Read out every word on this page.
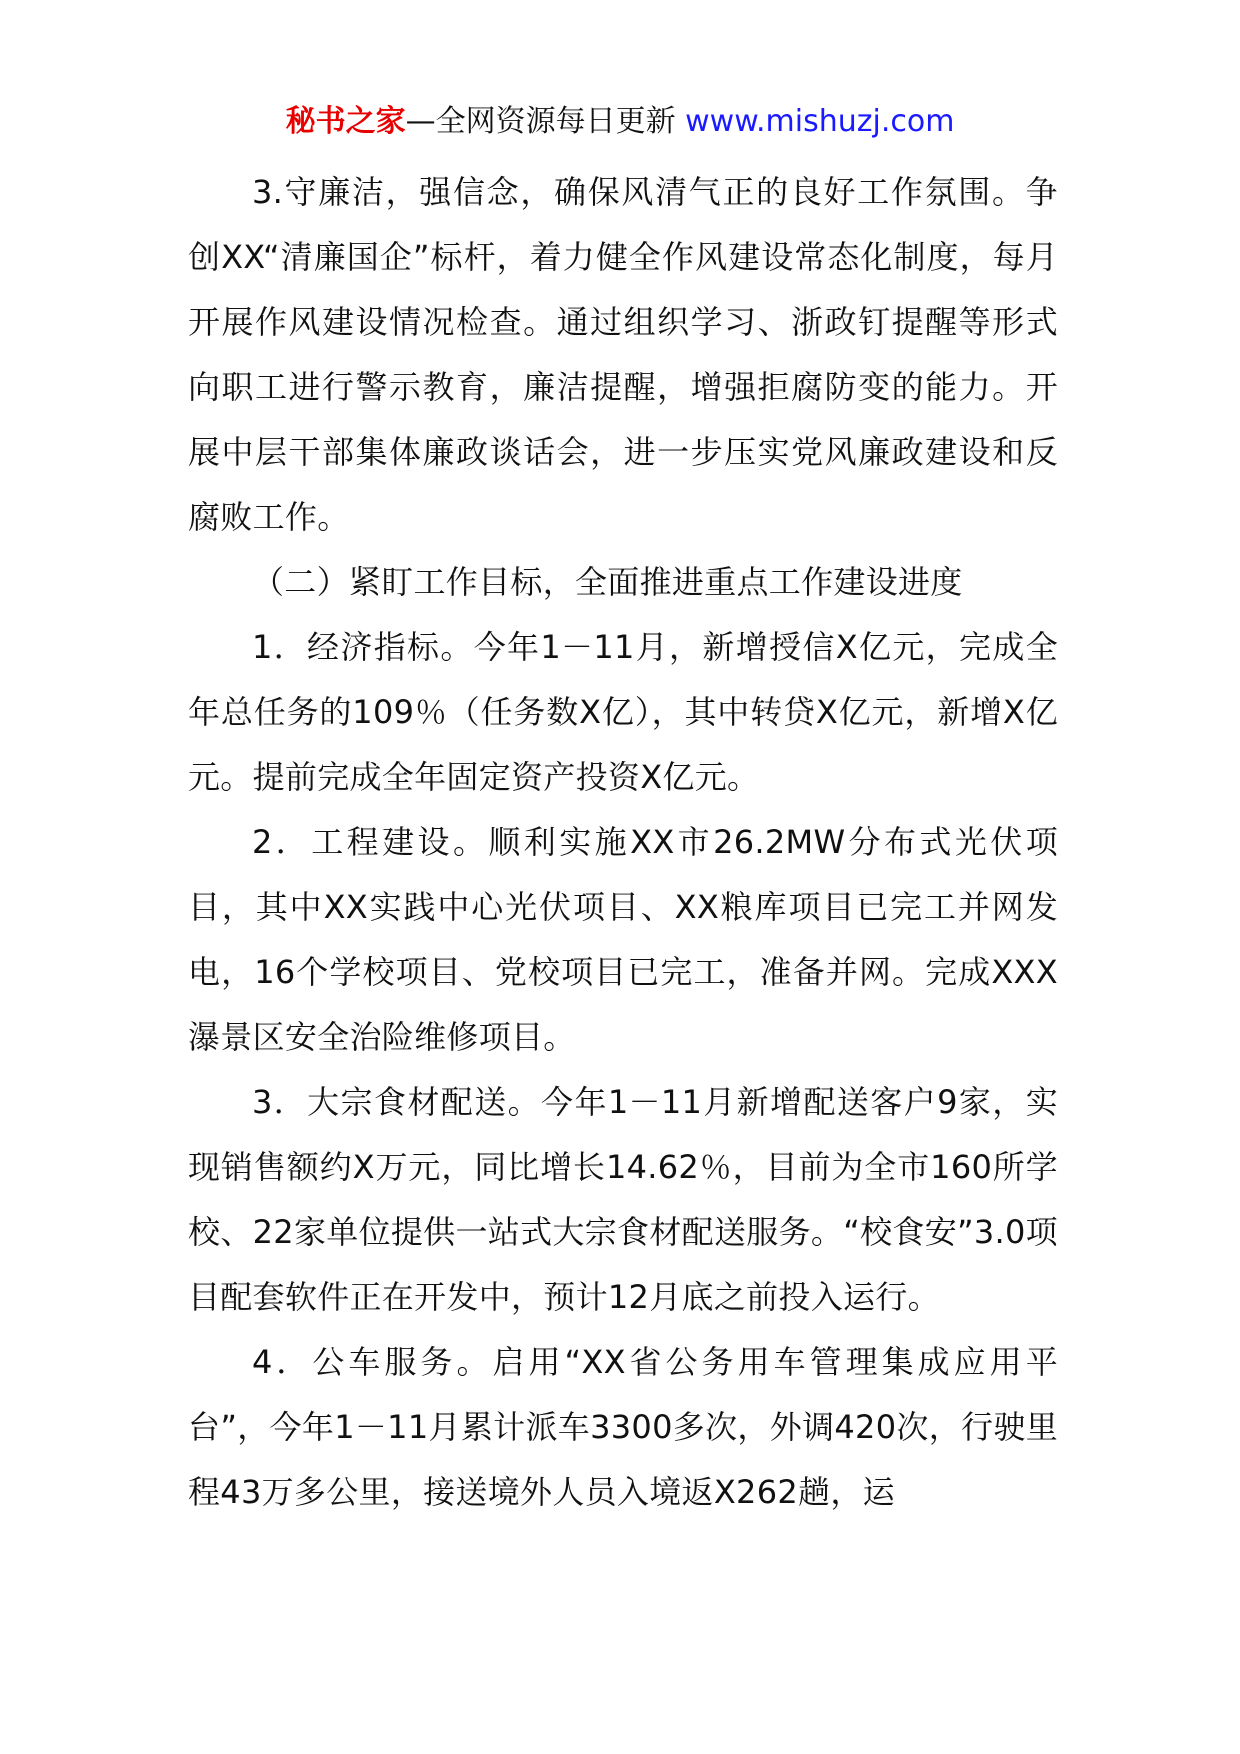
秘书之家—全网资源每日更新 www.mishuzj.com

3.守廉洁，强信念，确保风清气正的良好工作氛围。争创XX“清廉国企”标杆，着力健全作风建设常态化制度，每月开展作风建设情况检查。通过组织学习、浙政钉提醒等形式向职工进行警示教育，廉洁提醒，增强拒腐防变的能力。开展中层干部集体廉政谈话会，进一步压实党风廉政建设和反腐败工作。

（二）紧盯工作目标，全面推进重点工作建设进度

1．经济指标。今年1－11月，新增授信X亿元，完成全年总任务的109％（任务数X亿），其中转贷X亿元，新增X亿元。提前完成全年固定资产投资X亿元。

2．工程建设。顺利实施XX市26.2MW分布式光伏项目，其中XX实践中心光伏项目、XX粮库项目已完工并网发电，16个学校项目、党校项目已完工，准备并网。完成XXX瀑景区安全治险维修项目。

3．大宗食材配送。今年1－11月新增配送客户9家，实现销售额约X万元，同比增长14.62％，目前为全市160所学校、22家单位提供一站式大宗食材配送服务。“校食安”3.0项目配套软件正在开发中，预计12月底之前投入运行。

4．公车服务。启用“XX省公务用车管理集成应用平台”，今年1－11月累计派车3300多次，外调420次，行驶里程43万多公里，接送境外人员入境返X262趟，运
